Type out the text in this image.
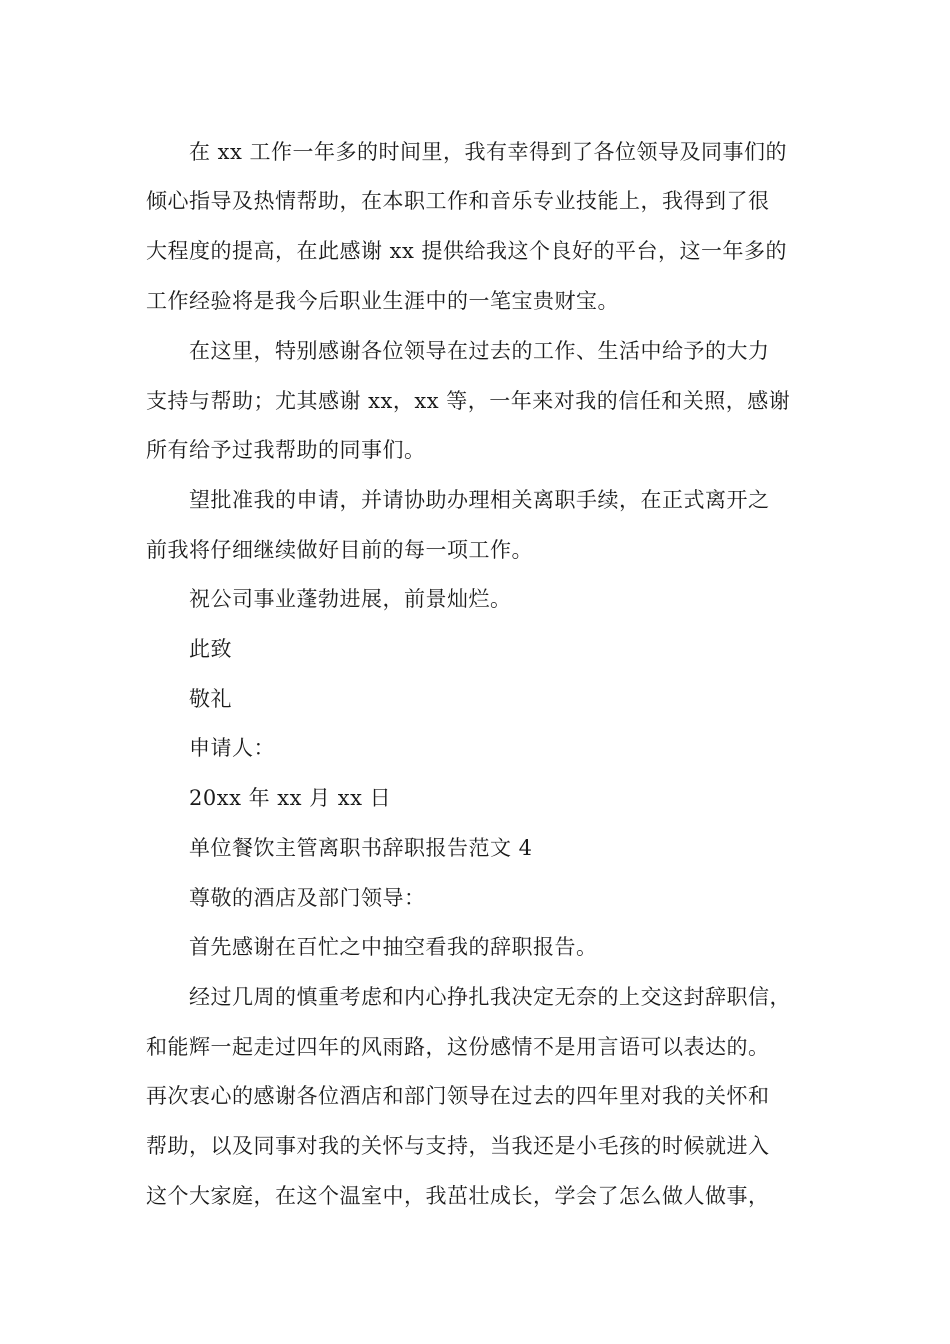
在 xx 工作一年多的时间里，我有幸得到了各位领导及同事们的
倾心指导及热情帮助，在本职工作和音乐专业技能上，我得到了很
大程度的提高，在此感谢 xx 提供给我这个良好的平台，这一年多的
工作经验将是我今后职业生涯中的一笔宝贵财宝。
在这里，特别感谢各位领导在过去的工作、生活中给予的大力
支持与帮助；尤其感谢 xx，xx 等，一年来对我的信任和关照，感谢
所有给予过我帮助的同事们。
望批准我的申请，并请协助办理相关离职手续，在正式离开之
前我将仔细继续做好目前的每一项工作。
祝公司事业蓬勃进展，前景灿烂。
此致
敬礼
申请人：
20xx 年 xx 月 xx 日
单位餐饮主管离职书辞职报告范文 4
尊敬的酒店及部门领导：
首先感谢在百忙之中抽空看我的辞职报告。
经过几周的慎重考虑和内心挣扎我决定无奈的上交这封辞职信，
和能辉一起走过四年的风雨路，这份感情不是用言语可以表达的。
再次衷心的感谢各位酒店和部门领导在过去的四年里对我的关怀和
帮助，以及同事对我的关怀与支持，当我还是小毛孩的时候就进入
这个大家庭，在这个温室中，我茁壮成长，学会了怎么做人做事，
